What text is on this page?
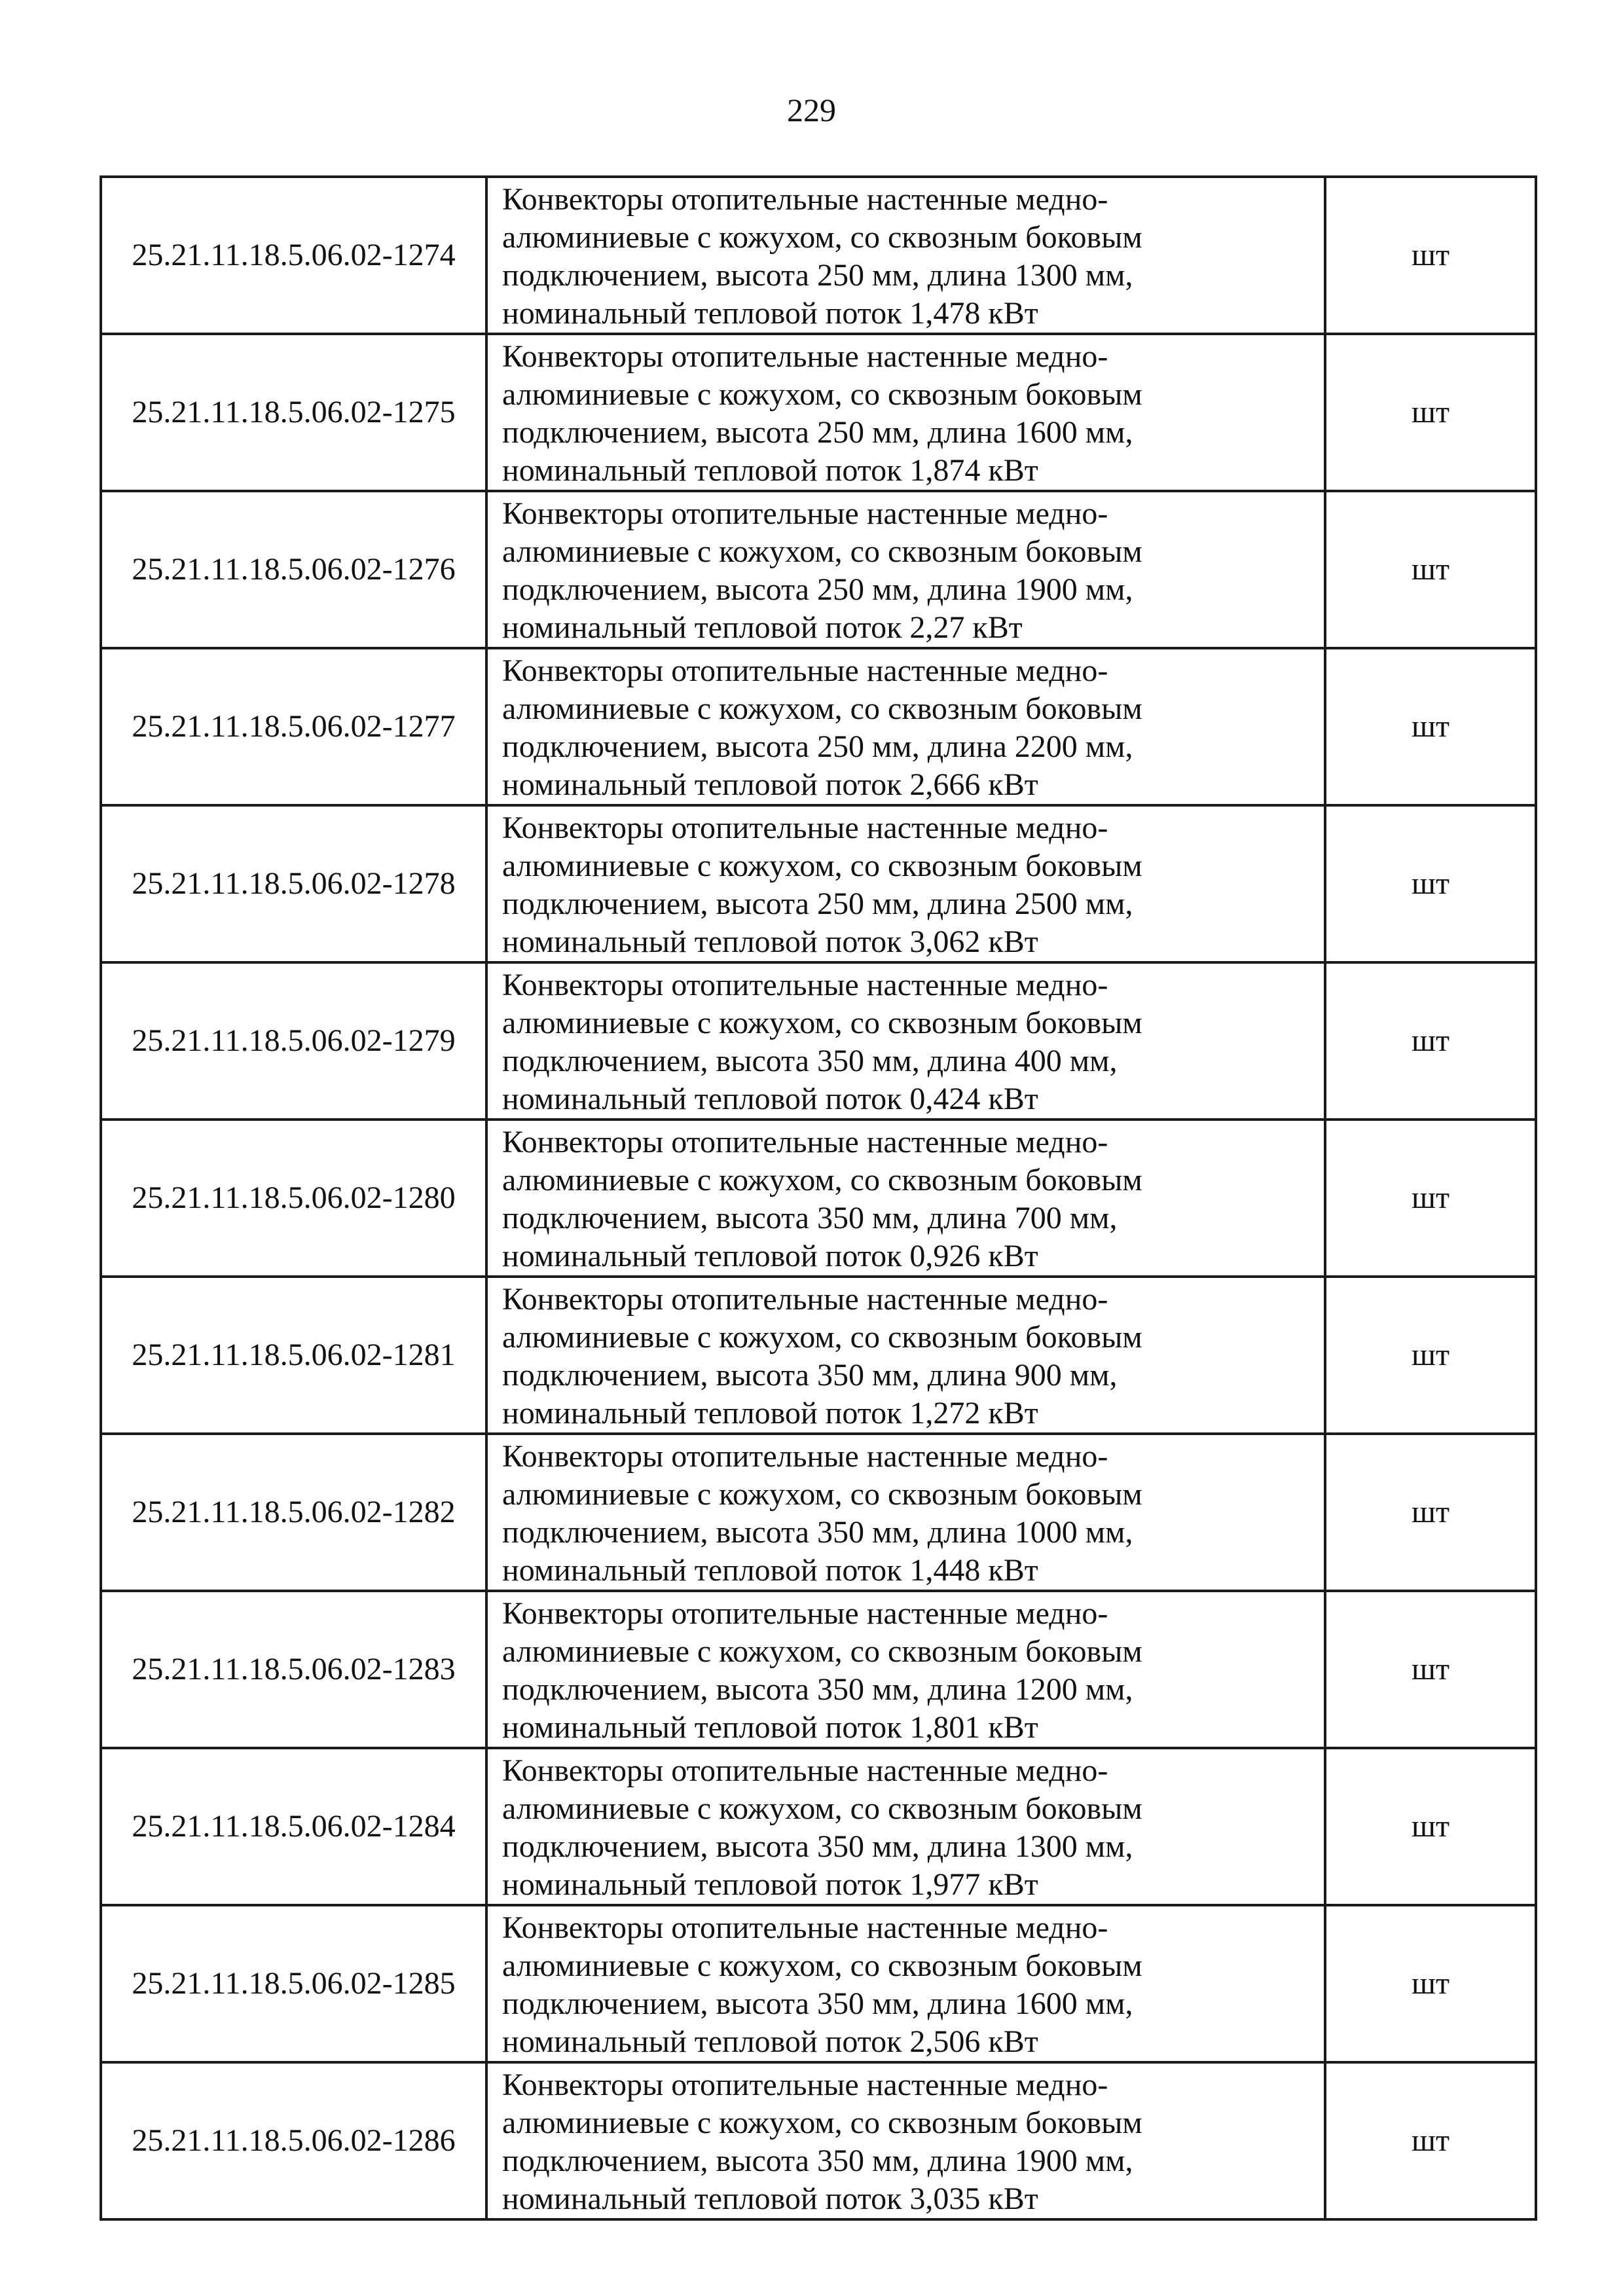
229
25.21.11.18.5.06.02-1274	Конвекторы отопительные настенные медно-
алюминиевые с кожухом, со сквозным боковым
подключением, высота 250 мм, длина 1300 мм,
номинальный тепловой поток 1,478 кВт	шт
25.21.11.18.5.06.02-1275	Конвекторы отопительные настенные медно-
алюминиевые с кожухом, со сквозным боковым
подключением, высота 250 мм, длина 1600 мм,
номинальный тепловой поток 1,874 кВт	шт
25.21.11.18.5.06.02-1276	Конвекторы отопительные настенные медно-
алюминиевые с кожухом, со сквозным боковым
подключением, высота 250 мм, длина 1900 мм,
номинальный тепловой поток 2,27 кВт	шт
25.21.11.18.5.06.02-1277	Конвекторы отопительные настенные медно-
алюминиевые с кожухом, со сквозным боковым
подключением, высота 250 мм, длина 2200 мм,
номинальный тепловой поток 2,666 кВт	шт
25.21.11.18.5.06.02-1278	Конвекторы отопительные настенные медно-
алюминиевые с кожухом, со сквозным боковым
подключением, высота 250 мм, длина 2500 мм,
номинальный тепловой поток 3,062 кВт	шт
25.21.11.18.5.06.02-1279	Конвекторы отопительные настенные медно-
алюминиевые с кожухом, со сквозным боковым
подключением, высота 350 мм, длина 400 мм,
номинальный тепловой поток 0,424 кВт	шт
25.21.11.18.5.06.02-1280	Конвекторы отопительные настенные медно-
алюминиевые с кожухом, со сквозным боковым
подключением, высота 350 мм, длина 700 мм,
номинальный тепловой поток 0,926 кВт	шт
25.21.11.18.5.06.02-1281	Конвекторы отопительные настенные медно-
алюминиевые с кожухом, со сквозным боковым
подключением, высота 350 мм, длина 900 мм,
номинальный тепловой поток 1,272 кВт	шт
25.21.11.18.5.06.02-1282	Конвекторы отопительные настенные медно-
алюминиевые с кожухом, со сквозным боковым
подключением, высота 350 мм, длина 1000 мм,
номинальный тепловой поток 1,448 кВт	шт
25.21.11.18.5.06.02-1283	Конвекторы отопительные настенные медно-
алюминиевые с кожухом, со сквозным боковым
подключением, высота 350 мм, длина 1200 мм,
номинальный тепловой поток 1,801 кВт	шт
25.21.11.18.5.06.02-1284	Конвекторы отопительные настенные медно-
алюминиевые с кожухом, со сквозным боковым
подключением, высота 350 мм, длина 1300 мм,
номинальный тепловой поток 1,977 кВт	шт
25.21.11.18.5.06.02-1285	Конвекторы отопительные настенные медно-
алюминиевые с кожухом, со сквозным боковым
подключением, высота 350 мм, длина 1600 мм,
номинальный тепловой поток 2,506 кВт	шт
25.21.11.18.5.06.02-1286	Конвекторы отопительные настенные медно-
алюминиевые с кожухом, со сквозным боковым
подключением, высота 350 мм, длина 1900 мм,
номинальный тепловой поток 3,035 кВт	шт
